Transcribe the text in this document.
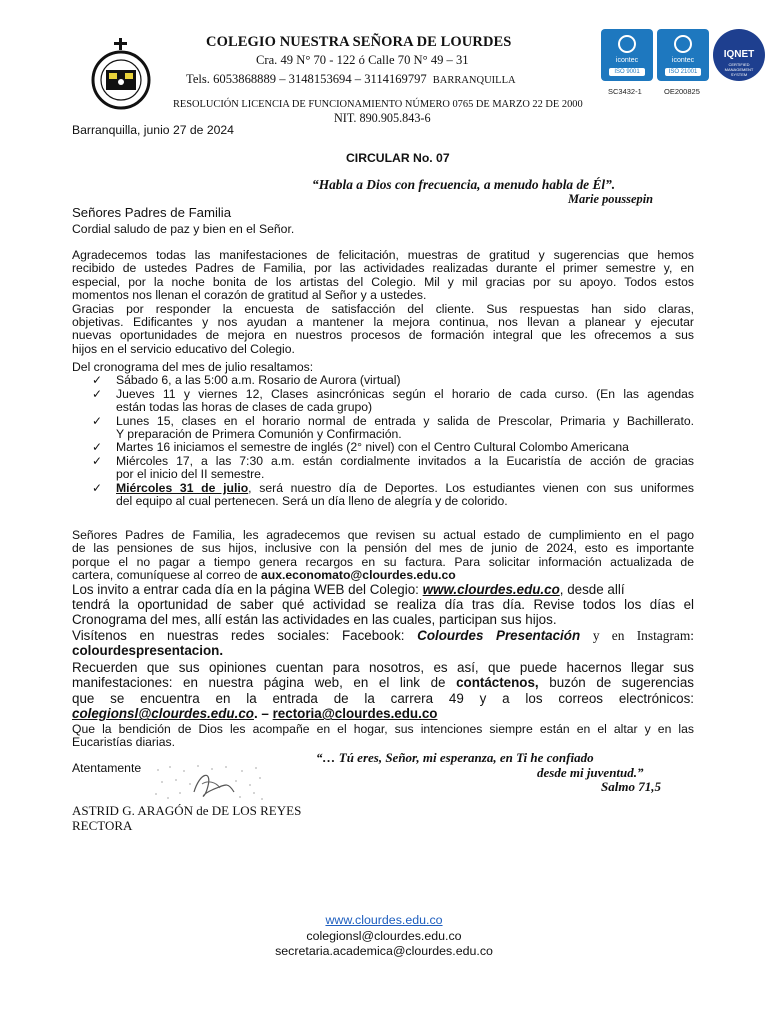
COLEGIO NUESTRA SEÑORA DE LOURDES
Cra. 49 N° 70 - 122 ó Calle 70 N° 49 – 31
Tels. 6053868889 – 3148153694 – 3114169797 BARRANQUILLA
RESOLUCIÓN LICENCIA DE FUNCIONAMIENTO NÚMERO 0765 DE MARZO 22 DE 2000
NIT. 890.905.843-6
icontec
ISO 9001
SC3432-1
icontec
ISO 21001
OE200825
IQNET
CERTIFIED MANAGEMENT SYSTEM
Barranquilla, junio 27 de 2024
CIRCULAR No. 07
“Habla a Dios con frecuencia, a menudo habla de Él”.
Marie poussepin
Señores Padres de Familia
Cordial saludo de paz y bien en el Señor.

Agradecemos todas las manifestaciones de felicitación, muestras de gratitud y sugerencias que hemos

recibido de ustedes Padres de Familia, por las actividades realizadas durante el primer semestre y, en

especial, por la noche bonita de los artistas del Colegio. Mil y mil gracias por su apoyo. Todos estos

momentos nos llenan el corazón de gratitud al Señor y a ustedes.

Gracias por responder la encuesta de satisfacción del cliente. Sus respuestas han sido claras,

objetivas. Edificantes y nos ayudan a mantener la mejora continua, nos llevan a planear y ejecutar

nuevas oportunidades de mejora en nuestros procesos de formación integral que les ofrecemos a sus

hijos en el servicio educativo del Colegio.

Del cronograma del mes de julio resaltamos:

✓ Sábado 6, a las 5:00 a.m. Rosario de Aurora (virtual)
✓ Jueves 11 y viernes 12, Clases asincrónicas según el horario de cada curso. (En las agendas

están todas las horas de clases de cada grupo)

✓ Lunes 15, clases en el horario normal de entrada y salida de Prescolar, Primaria y Bachillerato.

Y preparación de Primera Comunión y Confirmación.

✓ Martes 16 iniciamos el semestre de inglés (2° nivel) con el Centro Cultural Colombo Americana
✓ Miércoles 17, a las 7:30 a.m. están cordialmente invitados a la Eucaristía de acción de gracias

por el inicio del II semestre.

✓ Miércoles 31 de julio, será nuestro día de Deportes. Los estudiantes vienen con sus uniformes

del equipo al cual pertenecen. Será un día lleno de alegría y de colorido.

Señores Padres de Familia, les agradecemos que revisen su actual estado de cumplimiento en el pago

de las pensiones de sus hijos, inclusive con la pensión del mes de junio de 2024, esto es importante

porque el no pagar a tiempo genera recargos en su factura. Para solicitar información actualizada de

cartera, comuníquese al correo de aux.economato@clourdes.edu.co

Los invito a entrar cada día en la página WEB del Colegio: www.clourdes.edu.co, desde allí

tendrá la oportunidad de saber qué actividad se realiza día tras día. Revise todos los días el

Cronograma del mes, allí están las actividades en las cuales, participan sus hijos.

Visítenos en nuestras redes sociales: Facebook: Colourdes Presentación y en Instagram:

colourdespresentacion.

Recuerden que sus opiniones cuentan para nosotros, es así, que puede hacernos llegar sus

manifestaciones: en nuestra página web, en el link de contáctenos, buzón de sugerencias

que se encuentra en la entrada de la carrera 49 y a los correos electrónicos:

colegionsl@clourdes.edu.co. – rectoria@clourdes.edu.co

Que la bendición de Dios les acompañe en el hogar, sus intenciones siempre están en el altar y en las

Eucaristías diarias.

“… Tú eres, Señor, mi esperanza, en Ti he confiado
desde mi juventud.”
Salmo 71,5
Atentamente
ASTRID G. ARAGÓN de DE LOS REYES
RECTORA
www.clourdes.edu.co
colegionsl@clourdes.edu.co
secretaria.academica@clourdes.edu.co
